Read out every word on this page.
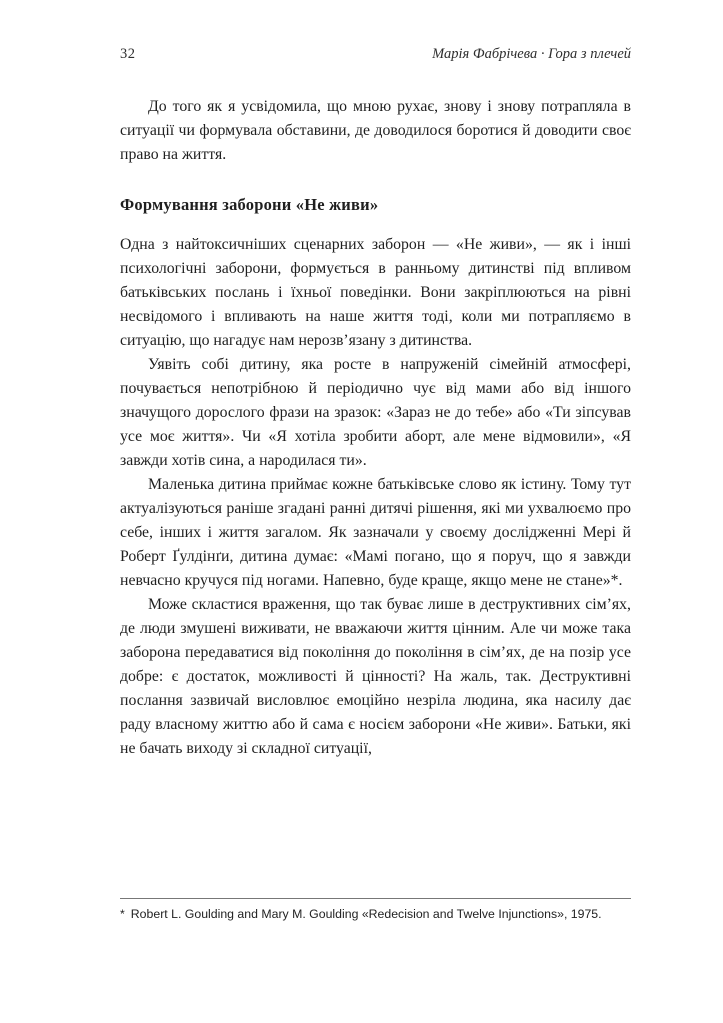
32	Марія Фабрічева · Гора з плечей

До того як я усвідомила, що мною рухає, знову і знову потрапляла в ситуації чи формувала обставини, де доводилося боротися й доводити своє право на життя.

Формування заборони «Не живи»

Одна з найтоксичніших сценарних заборон — «Не живи», — як і інші психологічні заборони, формується в ранньому дитинстві під впливом батьківських послань і їхньої поведінки. Вони закріплюються на рівні несвідомого і впливають на наше життя тоді, коли ми потрапляємо в ситуацію, що нагадує нам нерозв’язану з дитинства.

Уявіть собі дитину, яка росте в напруженій сімейній атмосфері, почувається непотрібною й періодично чує від мами або від іншого значущого дорослого фрази на зразок: «Зараз не до тебе» або «Ти зіпсував усе моє життя». Чи «Я хотіла зробити аборт, але мене відмовили», «Я завжди хотів сина, а народилася ти».

Маленька дитина приймає кожне батьківське слово як істину. Тому тут актуалізуються раніше згадані ранні дитячі рішення, які ми ухвалюємо про себе, інших і життя загалом. Як зазначали у своєму дослідженні Мері й Роберт Ґулдінґи, дитина думає: «Мамі погано, що я поруч, що я завжди невчасно кручуся під ногами. Напевно, буде краще, якщо мене не стане»*.

Може скластися враження, що так буває лише в деструктивних сім’ях, де люди змушені виживати, не вважаючи життя цінним. Але чи може така заборона передаватися від покоління до покоління в сім’ях, де на позір усе добре: є достаток, можливості й цінності? На жаль, так. Деструктивні послання зазвичай висловлює емоційно незріла людина, яка насилу дає раду власному життю або й сама є носієм заборони «Не живи». Батьки, які не бачать виходу зі складної ситуації,

* Robert L. Goulding and Mary M. Goulding «Redecision and Twelve Injunctions», 1975.
